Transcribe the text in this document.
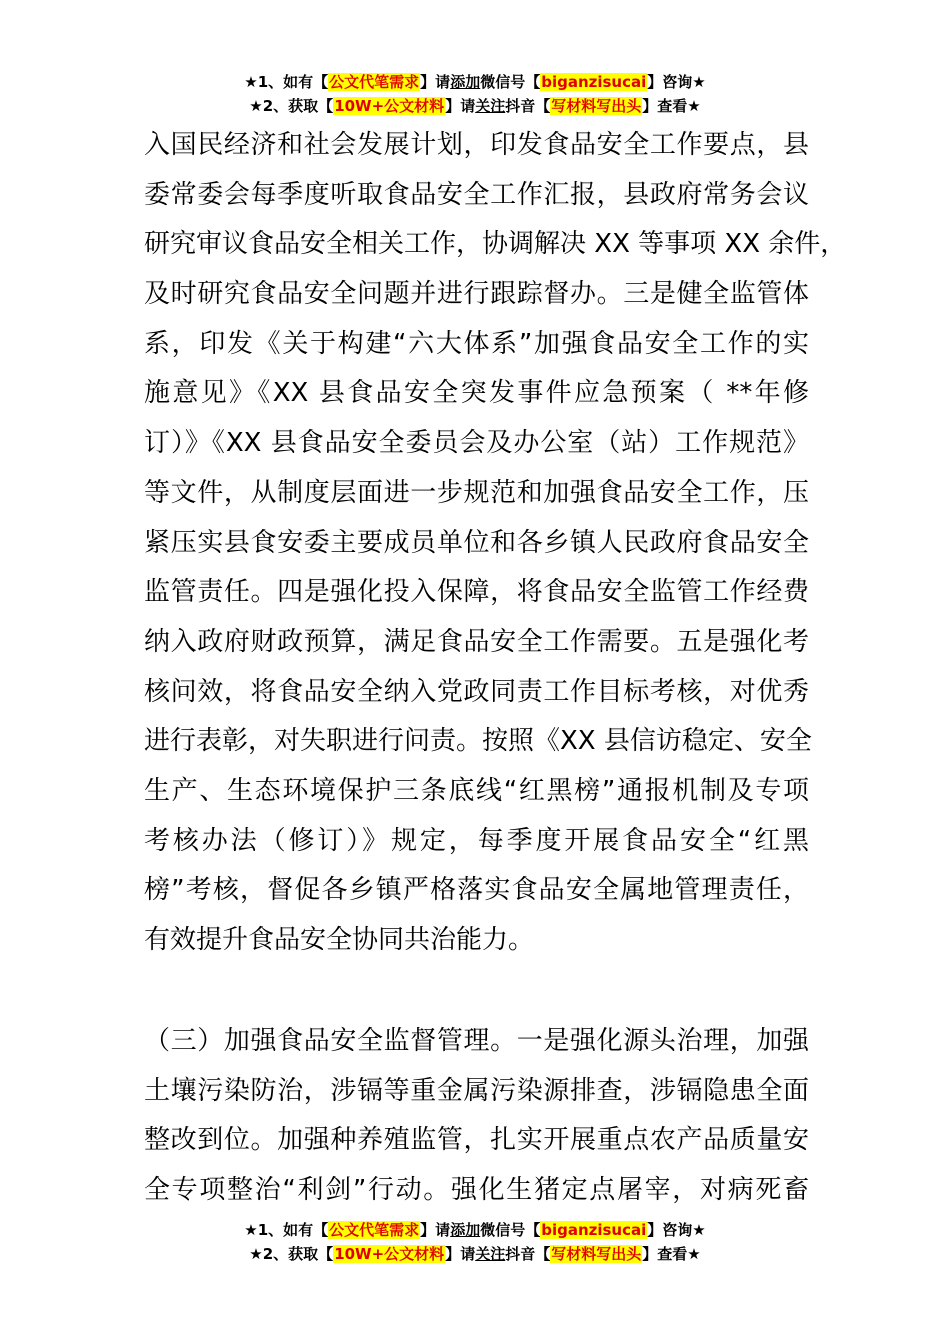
★1、如有【公文代笔需求】请添加微信号【biganzisucai】咨询★
★2、获取【10W+公文材料】请关注抖音【写材料写出头】查看★
入国民经济和社会发展计划，印发食品安全工作要点，县
委常委会每季度听取食品安全工作汇报，县政府常务会议
研究审议食品安全相关工作，协调解决 XX 等事项 XX 余件，
及时研究食品安全问题并进行跟踪督办。三是健全监管体
系，印发《关于构建“六大体系”加强食品安全工作的实
施意见》《XX 县食品安全突发事件应急预案（ **年修
订）》《XX 县食品安全委员会及办公室（站）工作规范》
等文件，从制度层面进一步规范和加强食品安全工作，压
紧压实县食安委主要成员单位和各乡镇人民政府食品安全
监管责任。四是强化投入保障，将食品安全监管工作经费
纳入政府财政预算，满足食品安全工作需要。五是强化考
核问效，将食品安全纳入党政同责工作目标考核，对优秀
进行表彰，对失职进行问责。按照《XX 县信访稳定、安全
生产、生态环境保护三条底线“红黑榜”通报机制及专项
考核办法（修订）》规定，每季度开展食品安全“红黑
榜”考核，督促各乡镇严格落实食品安全属地管理责任，
有效提升食品安全协同共治能力。
（三）加强食品安全监督管理。一是强化源头治理，加强
土壤污染防治，涉镉等重金属污染源排查，涉镉隐患全面
整改到位。加强种养殖监管，扎实开展重点农产品质量安
全专项整治“利剑”行动。强化生猪定点屠宰，对病死畜
★1、如有【公文代笔需求】请添加微信号【biganzisucai】咨询★
★2、获取【10W+公文材料】请关注抖音【写材料写出头】查看★
